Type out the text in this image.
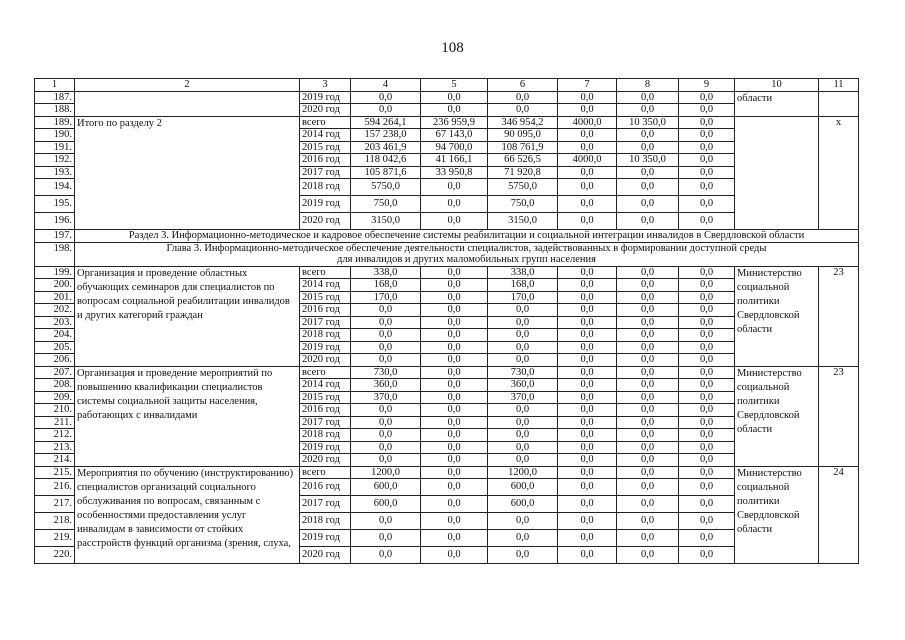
108
1	2	3	4	5	6	7	8	9	10	11
187.		2019 год	0,0	0,0	0,0	0,0	0,0	0,0	области	
188.		2020 год	0,0	0,0	0,0	0,0	0,0	0,0		
189.	Итого по разделу 2	всего	594 264,1	236 959,9	346 954,2	4000,0	10 350,0	0,0		х
190.		2014 год	157 238,0	67 143,0	90 095,0	0,0	0,0	0,0		
191.		2015 год	203 461,9	94 700,0	108 761,9	0,0	0,0	0,0		
192.		2016 год	118 042,6	41 166,1	66 526,5	4000,0	10 350,0	0,0		
193.		2017 год	105 871,6	33 950,8	71 920,8	0,0	0,0	0,0		
194.		2018 год	5750,0	0,0	5750,0	0,0	0,0	0,0		
195.		2019 год	750,0	0,0	750,0	0,0	0,0	0,0		
196.		2020 год	3150,0	0,0	3150,0	0,0	0,0	0,0		
197.	Раздел 3. Информационно-методическое и кадровое обеспечение системы реабилитации и социальной интеграции инвалидов в Свердловской области									
198.	Глава 3. Информационно-методическое обеспечение деятельности специалистов, задействованных в формировании доступной среды
для инвалидов и других маломобильных групп населения									

199.	Организация и проведение областных обучающих семинаров для специалистов по вопросам социальной реабилитации инвалидов и других категорий граждан	всего	338,0	0,0	338,0	0,0	0,0	0,0	Министерство социальной политики Свердловской области	23
200.		2014 год	168,0	0,0	168,0	0,0	0,0	0,0		
201.		2015 год	170,0	0,0	170,0	0,0	0,0	0,0		
202.		2016 год	0,0	0,0	0,0	0,0	0,0	0,0		
203.		2017 год	0,0	0,0	0,0	0,0	0,0	0,0		
204.		2018 год	0,0	0,0	0,0	0,0	0,0	0,0		
205.		2019 год	0,0	0,0	0,0	0,0	0,0	0,0		
206.		2020 год	0,0	0,0	0,0	0,0	0,0	0,0		
207.	Организация и проведение мероприятий по повышению квалификации специалистов системы социальной защиты населения, работающих с инвалидами	всего	730,0	0,0	730,0	0,0	0,0	0,0	Министерство социальной политики Свердловской области	23
208.		2014 год	360,0	0,0	360,0	0,0	0,0	0,0		
209.		2015 год	370,0	0,0	370,0	0,0	0,0	0,0		
210.		2016 год	0,0	0,0	0,0	0,0	0,0	0,0		
211.		2017 год	0,0	0,0	0,0	0,0	0,0	0,0		
212.		2018 год	0,0	0,0	0,0	0,0	0,0	0,0		
213.		2019 год	0,0	0,0	0,0	0,0	0,0	0,0		
214.		2020 год	0,0	0,0	0,0	0,0	0,0	0,0		
215.	Мероприятия по обучению (инструктированию) специалистов организаций социального обслуживания по вопросам, связанным с особенностями предоставления услуг инвалидам в зависимости от стойких расстройств функций организма (зрения, слуха,	всего	1200,0	0,0	1200,0	0,0	0,0	0,0	Министерство социальной политики Свердловской области	24
216.		2016 год	600,0	0,0	600,0	0,0	0,0	0,0		
217.		2017 год	600,0	0,0	600,0	0,0	0,0	0,0		
218.		2018 год	0,0	0,0	0,0	0,0	0,0	0,0		
219.		2019 год	0,0	0,0	0,0	0,0	0,0	0,0		
220.		2020 год	0,0	0,0	0,0	0,0	0,0	0,0		
